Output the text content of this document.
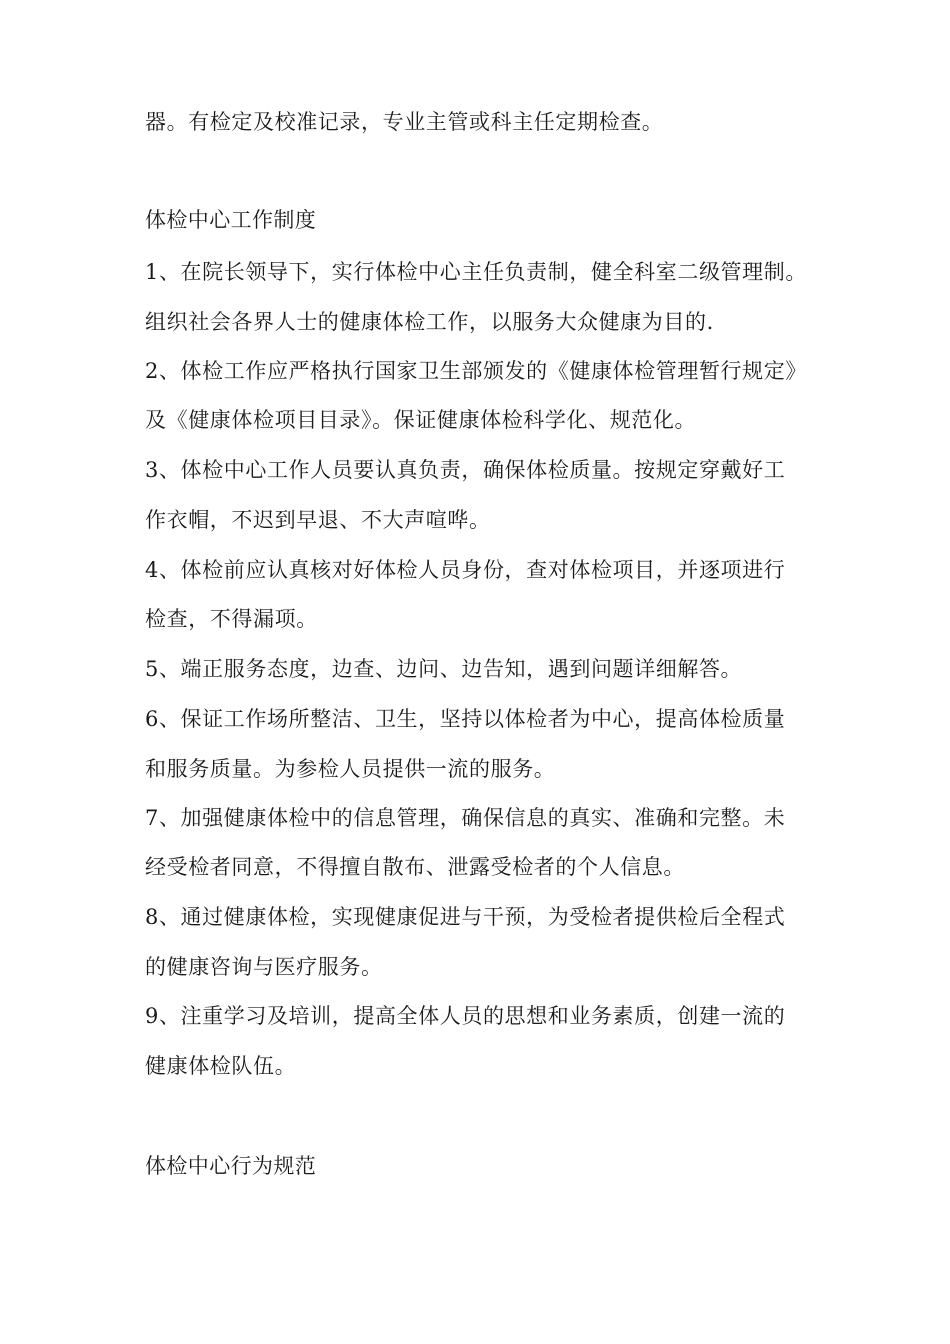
器。有检定及校准记录，专业主管或科主任定期检查。

体检中心工作制度

1、在院长领导下，实行体检中心主任负责制，健全科室二级管理制。

组织社会各界人士的健康体检工作，以服务大众健康为目的.

2、体检工作应严格执行国家卫生部颁发的《健康体检管理暂行规定》

及《健康体检项目目录》。保证健康体检科学化、规范化。

3、体检中心工作人员要认真负责，确保体检质量。按规定穿戴好工

作衣帽，不迟到早退、不大声喧哗。

4、体检前应认真核对好体检人员身份，查对体检项目，并逐项进行

检查，不得漏项。

5、端正服务态度，边查、边问、边告知，遇到问题详细解答。

6、保证工作场所整洁、卫生，坚持以体检者为中心，提高体检质量

和服务质量。为参检人员提供一流的服务。

7、加强健康体检中的信息管理，确保信息的真实、准确和完整。未

经受检者同意，不得擅自散布、泄露受检者的个人信息。

8、通过健康体检，实现健康促进与干预，为受检者提供检后全程式

的健康咨询与医疗服务。

9、注重学习及培训，提高全体人员的思想和业务素质，创建一流的

健康体检队伍。

体检中心行为规范
